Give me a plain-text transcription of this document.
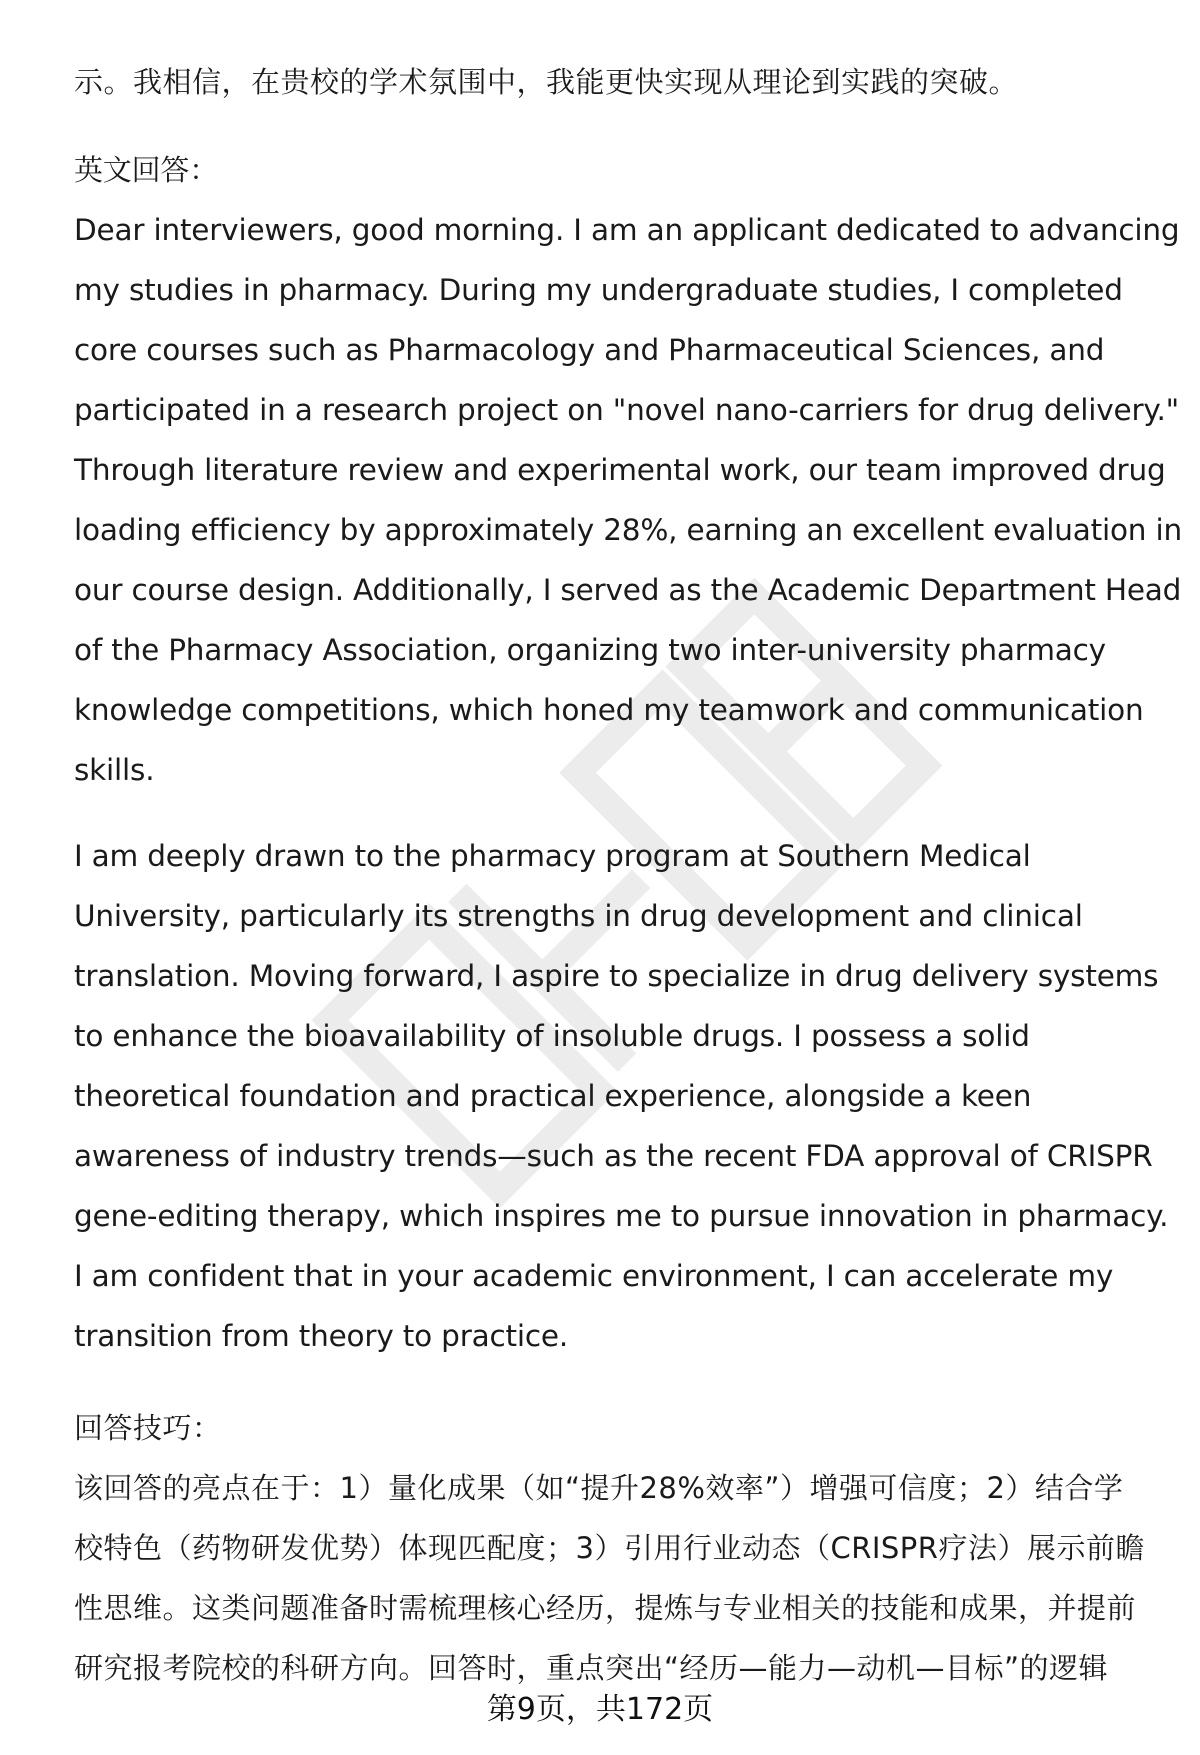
示。我相信，在贵校的学术氛围中，我能更快实现从理论到实践的突破。
英文回答：
Dear interviewers, good morning. I am an applicant dedicated to advancing
my studies in pharmacy. During my undergraduate studies, I completed
core courses such as Pharmacology and Pharmaceutical Sciences, and
participated in a research project on "novel nano-carriers for drug delivery."
Through literature review and experimental work, our team improved drug
loading efficiency by approximately 28%, earning an excellent evaluation in
our course design. Additionally, I served as the Academic Department Head
of the Pharmacy Association, organizing two inter-university pharmacy
knowledge competitions, which honed my teamwork and communication
skills.
I am deeply drawn to the pharmacy program at Southern Medical
University, particularly its strengths in drug development and clinical
translation. Moving forward, I aspire to specialize in drug delivery systems
to enhance the bioavailability of insoluble drugs. I possess a solid
theoretical foundation and practical experience, alongside a keen
awareness of industry trends—such as the recent FDA approval of CRISPR
gene-editing therapy, which inspires me to pursue innovation in pharmacy.
I am confident that in your academic environment, I can accelerate my
transition from theory to practice.
回答技巧：
该回答的亮点在于：1）量化成果（如“提升28%效率”）增强可信度；2）结合学
校特色（药物研发优势）体现匹配度；3）引用行业动态（CRISPR疗法）展示前瞻
性思维。这类问题准备时需梳理核心经历，提炼与专业相关的技能和成果，并提前
研究报考院校的科研方向。回答时，重点突出“经历—能力—动机—目标”的逻辑
第9页，共172页
